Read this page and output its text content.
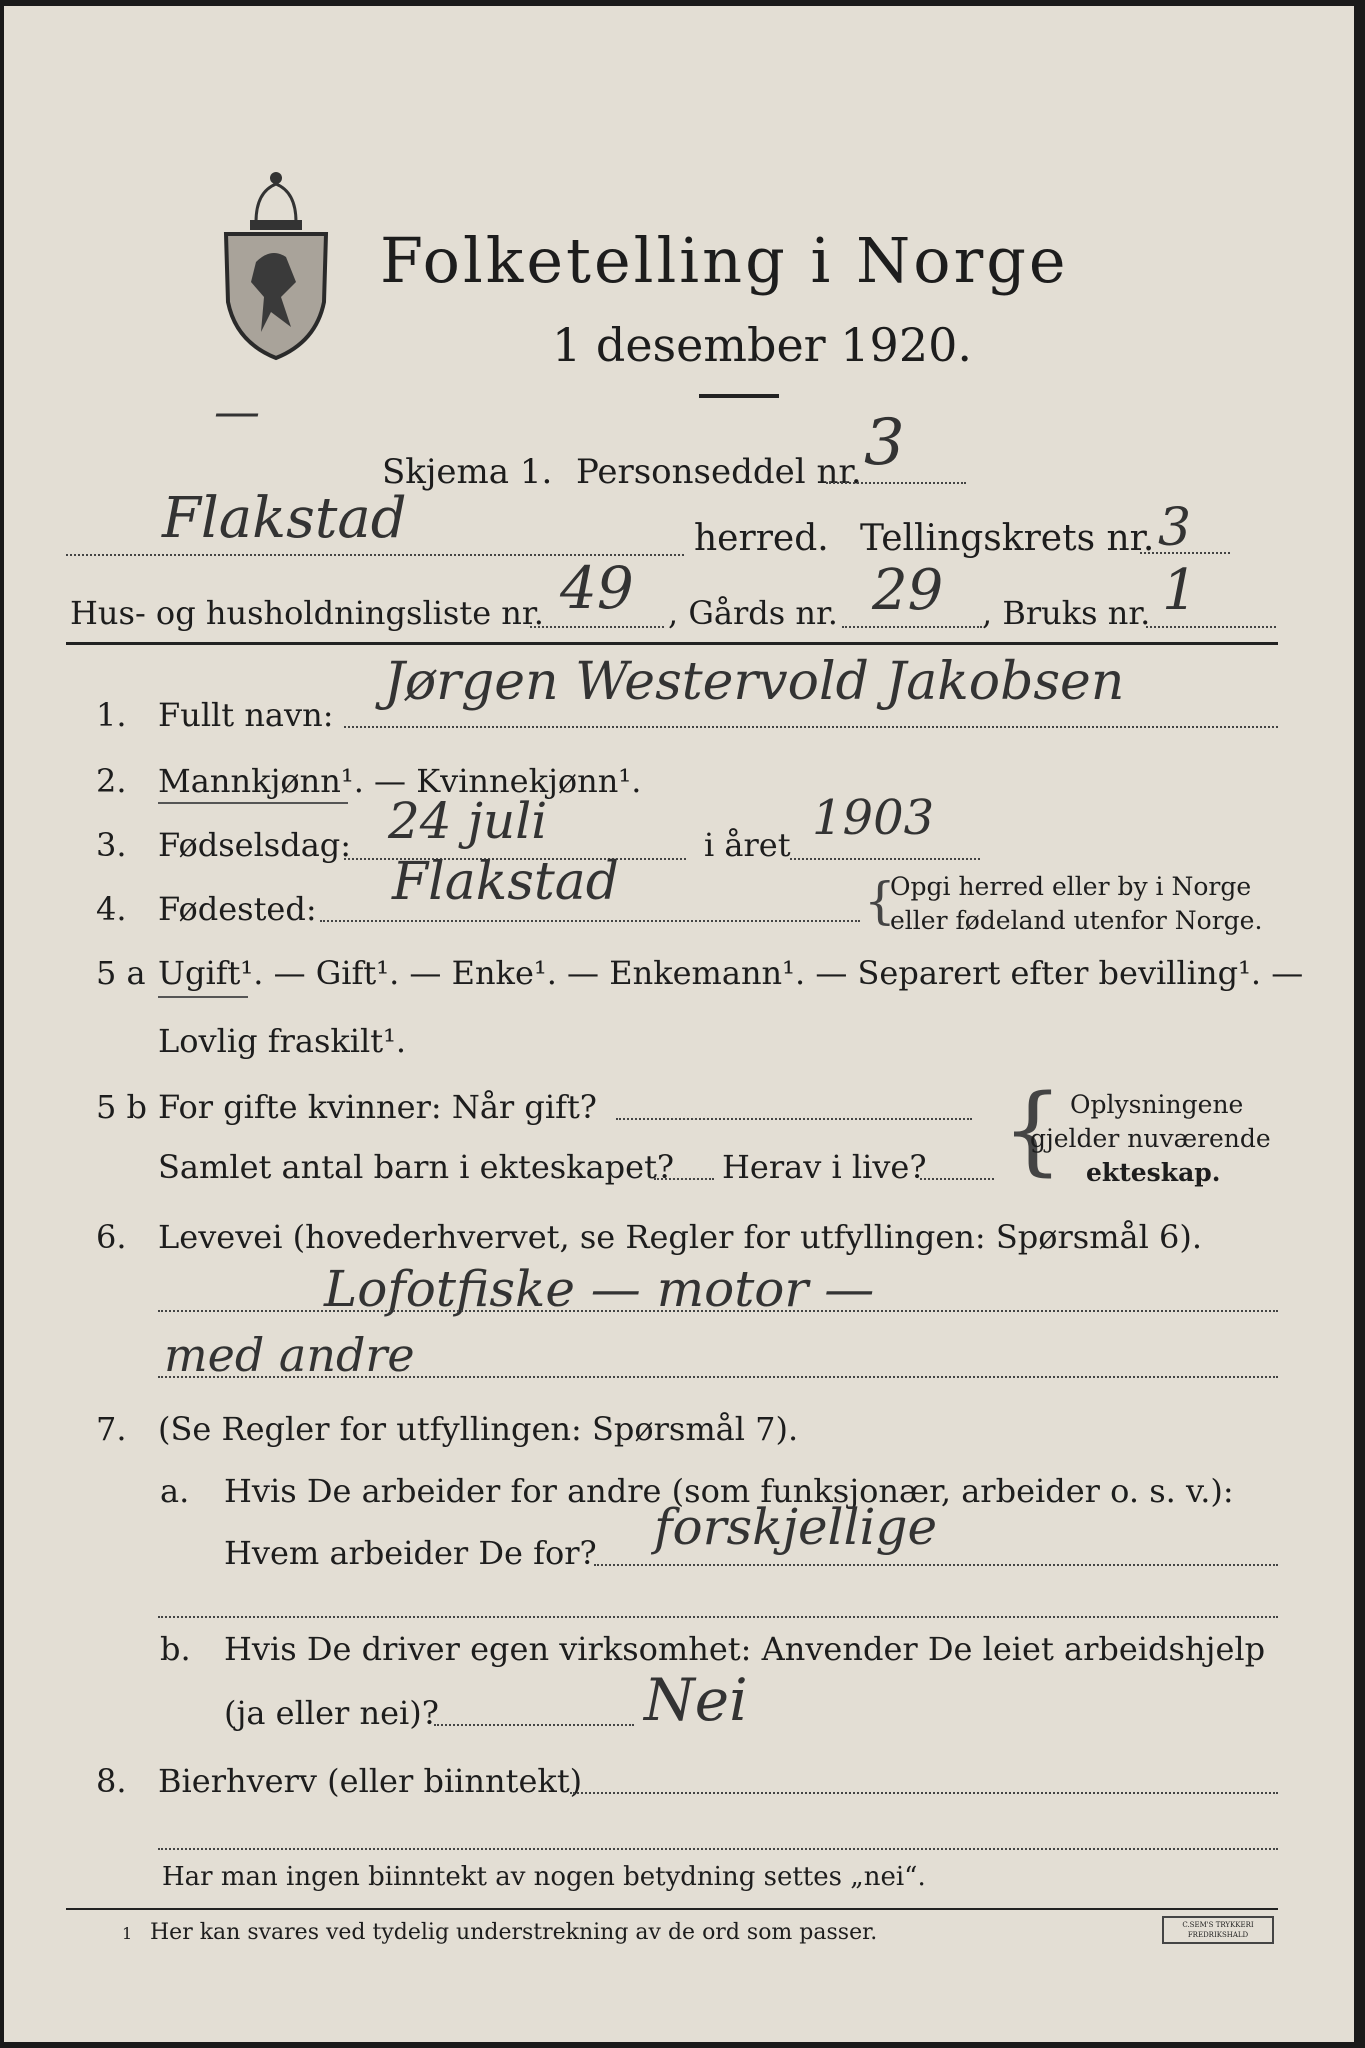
Folketelling i Norge
1 desember 1920.
—
Skjema 1. Personseddel nr. 3
Flakstad	herred. Tellingskrets nr. 3
Hus- og husholdningsliste nr. 49 , Gårds nr. 29 , Bruks nr. 1
1. Fullt navn:
Jørgen Westervold Jakobsen
2. Mannkjønn¹. — Kvinnekjønn¹.
3. Fødselsdag: 24 juli	i året 1903
4. Fødested: Flakstad	{
Opgi herred eller by i Norge
eller fødeland utenfor Norge.
5 a Ugift¹. — Gift¹. — Enke¹. — Enkemann¹. — Separert efter bevilling¹. —
Lovlig fraskilt¹.
5 b For gifte kvinner: Når gift?
Samlet antal barn i ekteskapet? Herav i live? { Oplysningene
gjelder nuværende
ekteskap.
6. Levevei (hovederhvervet, se Regler for utfyllingen: Spørsmål 6).
Lofotfiske — motor —
med andre
7. (Se Regler for utfyllingen: Spørsmål 7).
a. Hvis De arbeider for andre (som funksjonær, arbeider o. s. v.):
Hvem arbeider De for? forskjellige
b. Hvis De driver egen virksomhet: Anvender De leiet arbeidshjelp
(ja eller nei)?	Nei
8. Bierhverv (eller biinntekt)
Har man ingen biinntekt av nogen betydning settes „nei“.
1 Her kan svares ved tydelig understrekning av de ord som passer.	C.SEM'S TRYKKERI FREDRIKSHALD
